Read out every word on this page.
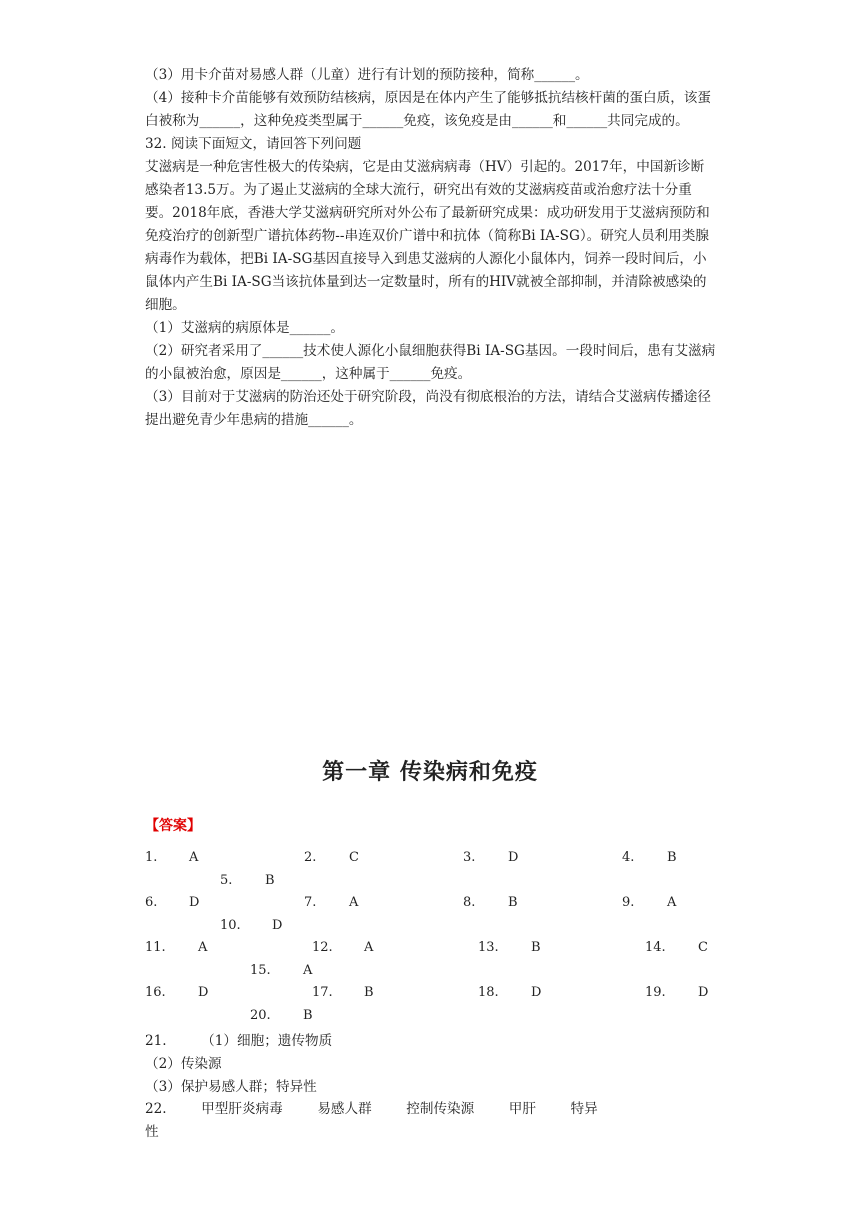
（3）用卡介苗对易感人群（儿童）进行有计划的预防接种，简称______。

（4）接种卡介苗能够有效预防结核病，原因是在体内产生了能够抵抗结核杆菌的蛋白质，该蛋白被称为______，这种免疫类型属于______免疫，该免疫是由______和______共同完成的。

32. 阅读下面短文，请回答下列问题

艾滋病是一种危害性极大的传染病，它是由艾滋病病毒（HV）引起的。2017年，中国新诊断感染者13.5万。为了遏止艾滋病的全球大流行，研究出有效的艾滋病疫苗或治愈疗法十分重要。2018年底，香港大学艾滋病研究所对外公布了最新研究成果：成功研发用于艾滋病预防和免疫治疗的创新型广谱抗体药物--串连双价广谱中和抗体（简称Bi IA-SG）。研究人员利用类腺病毒作为载体，把Bi IA-SG基因直接导入到患艾滋病的人源化小鼠体内，饲养一段时间后，小鼠体内产生Bi IA-SG当该抗体量到达一定数量时，所有的HIV就被全部抑制，并清除被感染的细胞。

（1）艾滋病的病原体是______。

（2）研究者采用了______技术使人源化小鼠细胞获得Bi IA-SG基因。一段时间后，患有艾滋病的小鼠被治愈，原因是______，这种属于______免疫。

（3）目前对于艾滋病的防治还处于研究阶段，尚没有彻底根治的方法，请结合艾滋病传播途径提出避免青少年患病的措施______。

第一章 传染病和免疫
【答案】
1. A	2.	C	3.	D	4.	B
5.	B
6. D	7.	A	8.	B	9.	A
10. D
11. A	12. A	13. B	14. C
15. A
16. D	17. B	18. D	19. D
20. B
21.        （1）细胞；遗传物质
（2）传染源
（3）保护易感人群；特异性
22.        甲型肝炎病毒        易感人群        控制传染源        甲肝        特异
性
